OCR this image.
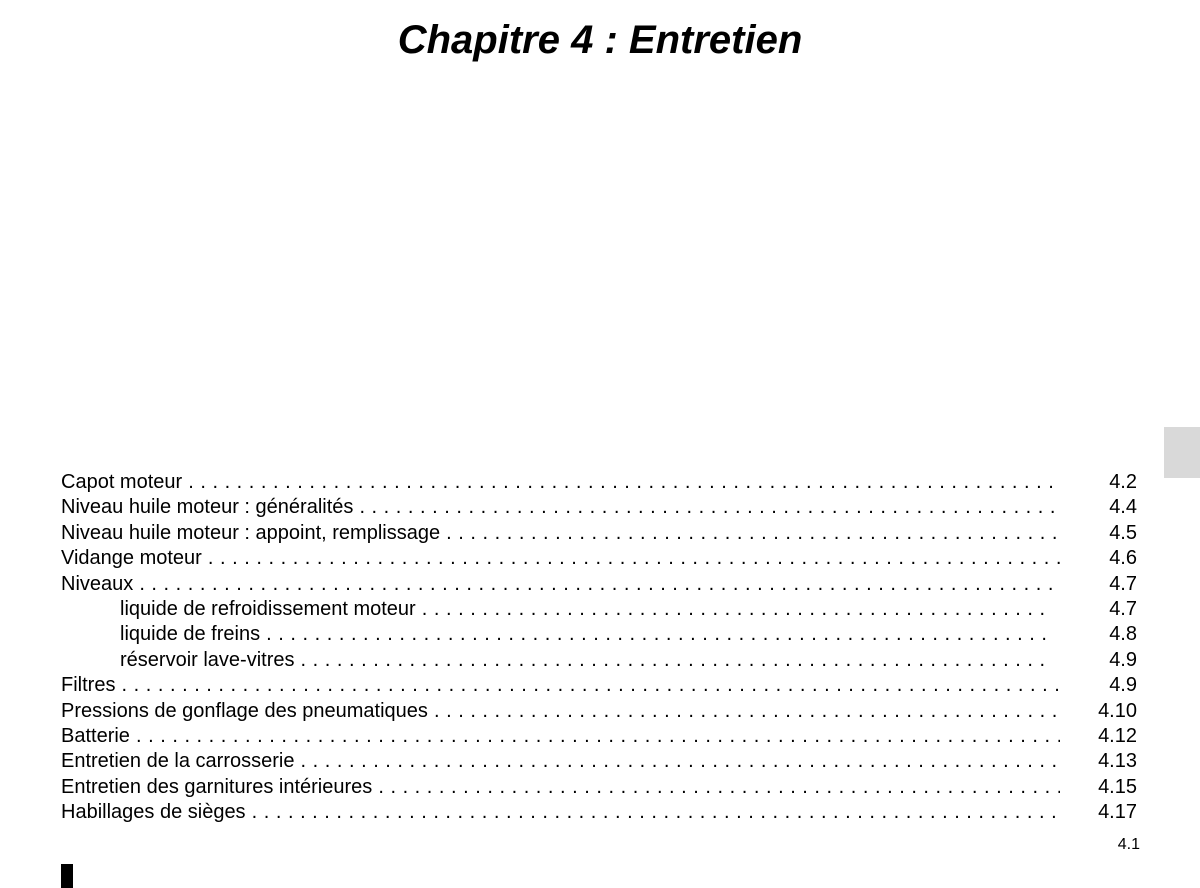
Chapitre 4 : Entretien
Capot moteur . . .	4.2
Niveau huile moteur : généralités . . .	4.4
Niveau huile moteur : appoint, remplissage . . .	4.5
Vidange moteur . . .	4.6
Niveaux . . .	4.7
liquide de refroidissement moteur . . .	4.7
liquide de freins . . .	4.8
réservoir lave-vitres . . .	4.9
Filtres . . .	4.9
Pressions de gonflage des pneumatiques . . .	4.10
Batterie . . .	4.12
Entretien de la carrosserie . . .	4.13
Entretien des garnitures intérieures . . .	4.15
Habillages de sièges . . .	4.17
4.1
